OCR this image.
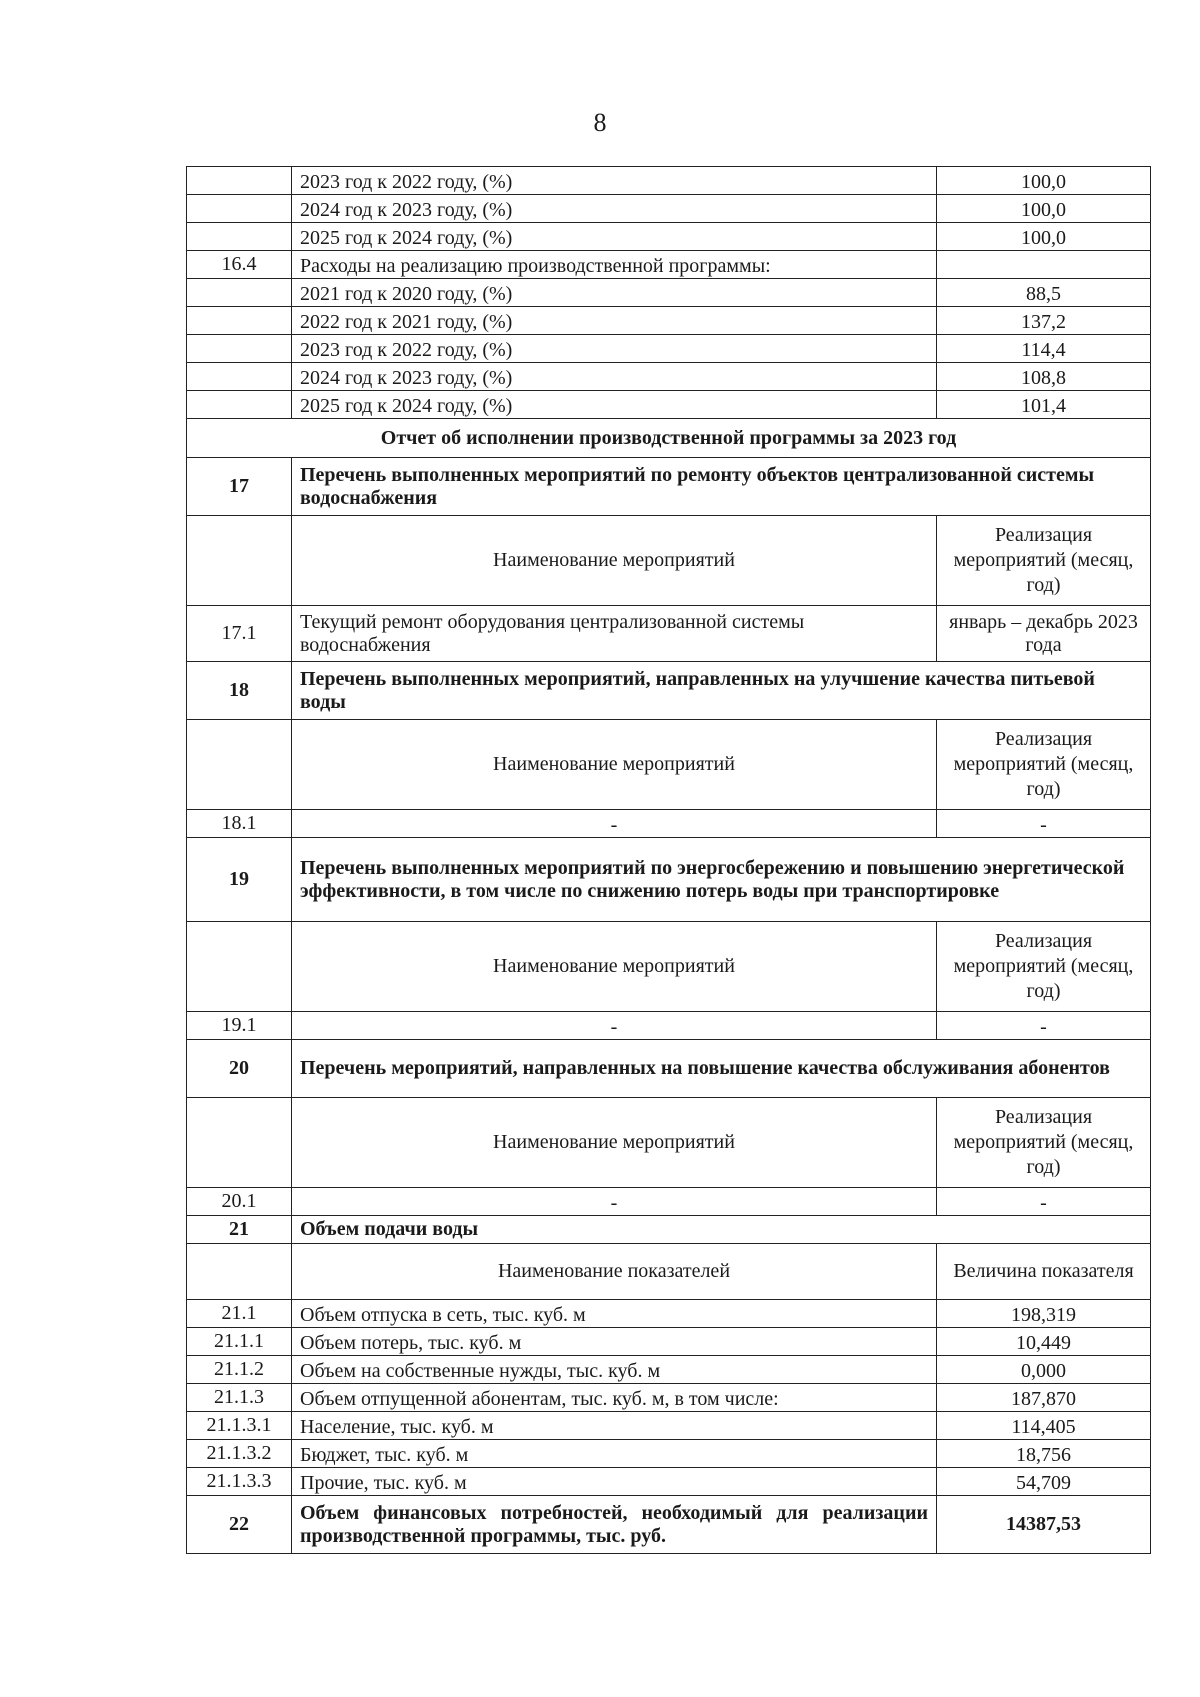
8
	2023 год к 2022 году, (%)	100,0
	2024 год к 2023 году, (%)	100,0
	2025 год к 2024 году, (%)	100,0
16.4	Расходы на реализацию производственной программы:	
	2021 год к 2020 году, (%)	88,5
	2022 год к 2021 году, (%)	137,2
	2023 год к 2022 году, (%)	114,4
	2024 год к 2023 году, (%)	108,8
	2025 год к 2024 году, (%)	101,4
Отчет об исполнении производственной программы за 2023 год		
17	Перечень выполненных мероприятий по ремонту объектов централизованной системы водоснабжения	
	Наименование мероприятий	Реализация мероприятий (месяц, год)
17.1	Текущий ремонт оборудования централизованной системы водоснабжения	январь – декабрь 2023 года
18	Перечень выполненных мероприятий, направленных на улучшение качества питьевой воды	
	Наименование мероприятий	Реализация мероприятий (месяц, год)
18.1	-	-
19	Перечень выполненных мероприятий по энергосбережению и повышению энергетической эффективности, в том числе по снижению потерь воды при транспортировке	
	Наименование мероприятий	Реализация мероприятий (месяц, год)
19.1	-	-
20	Перечень мероприятий, направленных на повышение качества обслуживания абонентов	
	Наименование мероприятий	Реализация мероприятий (месяц, год)
20.1	-	-
21	Объем подачи воды	
	Наименование показателей	Величина показателя
21.1	Объем отпуска в сеть, тыс. куб. м	198,319
21.1.1	Объем потерь, тыс. куб. м	10,449
21.1.2	Объем на собственные нужды, тыс. куб. м	0,000
21.1.3	Объем отпущенной абонентам, тыс. куб. м, в том числе:	187,870
21.1.3.1	Население, тыс. куб. м	114,405
21.1.3.2	Бюджет, тыс. куб. м	18,756
21.1.3.3	Прочие, тыс. куб. м	54,709
22	Объем финансовых потребностей, необходимый для реализации производственной программы, тыс. руб.	14387,53
